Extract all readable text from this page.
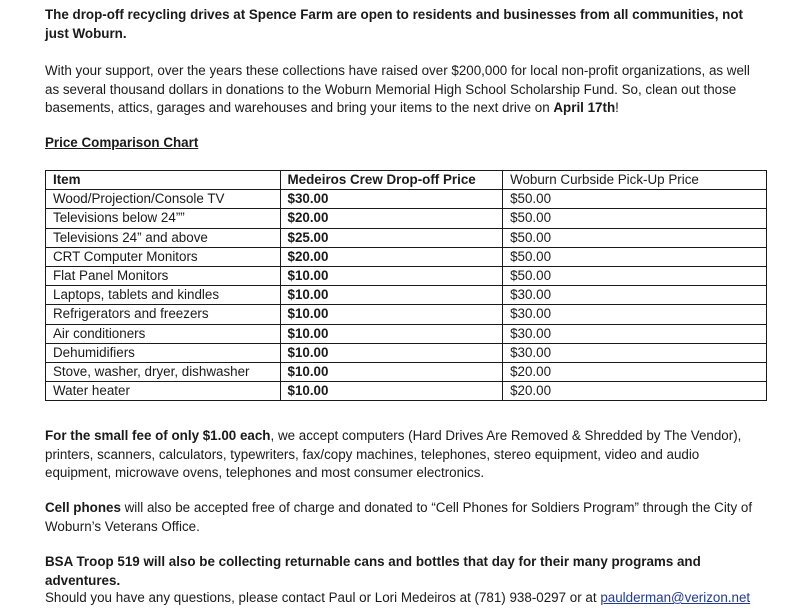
The drop-off recycling drives at Spence Farm are open to residents and businesses from all communities, not just Woburn.

With your support, over the years these collections have raised over $200,000 for local non-profit organizations, as well as several thousand dollars in donations to the Woburn Memorial High School Scholarship Fund. So, clean out those basements, attics, garages and warehouses and bring your items to the next drive on April 17th!

Price Comparison Chart

Item	Medeiros Crew Drop-off Price	Woburn Curbside Pick-Up Price
Wood/Projection/Console TV	$30.00	$50.00
Televisions below 24””	$20.00	$50.00
Televisions 24” and above	$25.00	$50.00
CRT Computer Monitors	$20.00	$50.00
Flat Panel Monitors	$10.00	$50.00
Laptops, tablets and kindles	$10.00	$30.00
Refrigerators and freezers	$10.00	$30.00
Air conditioners	$10.00	$30.00
Dehumidifiers	$10.00	$30.00
Stove, washer, dryer, dishwasher	$10.00	$20.00
Water heater	$10.00	$20.00

For the small fee of only $1.00 each, we accept computers (Hard Drives Are Removed & Shredded by The Vendor), printers, scanners, calculators, typewriters, fax/copy machines, telephones, stereo equipment, video and audio equipment, microwave ovens, telephones and most consumer electronics.

Cell phones will also be accepted free of charge and donated to “Cell Phones for Soldiers Program” through the City of Woburn’s Veterans Office.

BSA Troop 519 will also be collecting returnable cans and bottles that day for their many programs and adventures.

Should you have any questions, please contact Paul or Lori Medeiros at (781) 938-0297 or at paulderman@verizon.net
